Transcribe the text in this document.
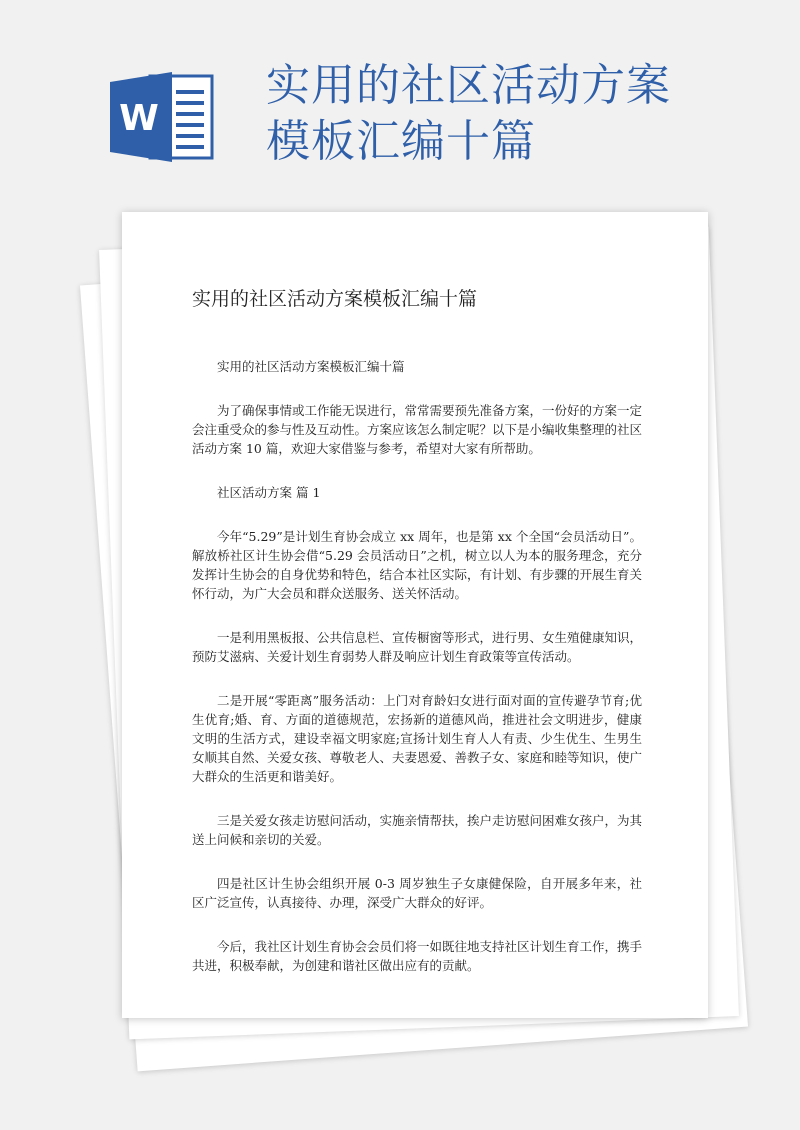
W
实用的社区活动方案模板汇编十篇
实用的社区活动方案模板汇编十篇

实用的社区活动方案模板汇编十篇

为了确保事情或工作能无误进行，常常需要预先准备方案，一份好的方案一定会注重受众的参与性及互动性。方案应该怎么制定呢？以下是小编收集整理的社区活动方案 10 篇，欢迎大家借鉴与参考，希望对大家有所帮助。

社区活动方案 篇 1

今年“5.29”是计划生育协会成立 xx 周年，也是第 xx 个全国“会员活动日”。解放桥社区计生协会借“5.29 会员活动日”之机，树立以人为本的服务理念，充分发挥计生协会的自身优势和特色，结合本社区实际，有计划、有步骤的开展生育关怀行动，为广大会员和群众送服务、送关怀活动。

一是利用黑板报、公共信息栏、宣传橱窗等形式，进行男、女生殖健康知识，预防艾滋病、关爱计划生育弱势人群及响应计划生育政策等宣传活动。

二是开展“零距离”服务活动：上门对育龄妇女进行面对面的宣传避孕节育;优生优育;婚、育、方面的道德规范，宏扬新的道德风尚，推进社会文明进步，健康文明的生活方式，建设幸福文明家庭;宣扬计划生育人人有责、少生优生、生男生女顺其自然、关爱女孩、尊敬老人、夫妻恩爱、善教子女、家庭和睦等知识，使广大群众的生活更和谐美好。

三是关爱女孩走访慰问活动，实施亲情帮扶，挨户走访慰问困难女孩户，为其送上问候和亲切的关爱。

四是社区计生协会组织开展 0-3 周岁独生子女康健保险，自开展多年来，社区广泛宣传，认真接待、办理，深受广大群众的好评。

今后，我社区计划生育协会会员们将一如既往地支持社区计划生育工作，携手共进，积极奉献，为创建和谐社区做出应有的贡献。
